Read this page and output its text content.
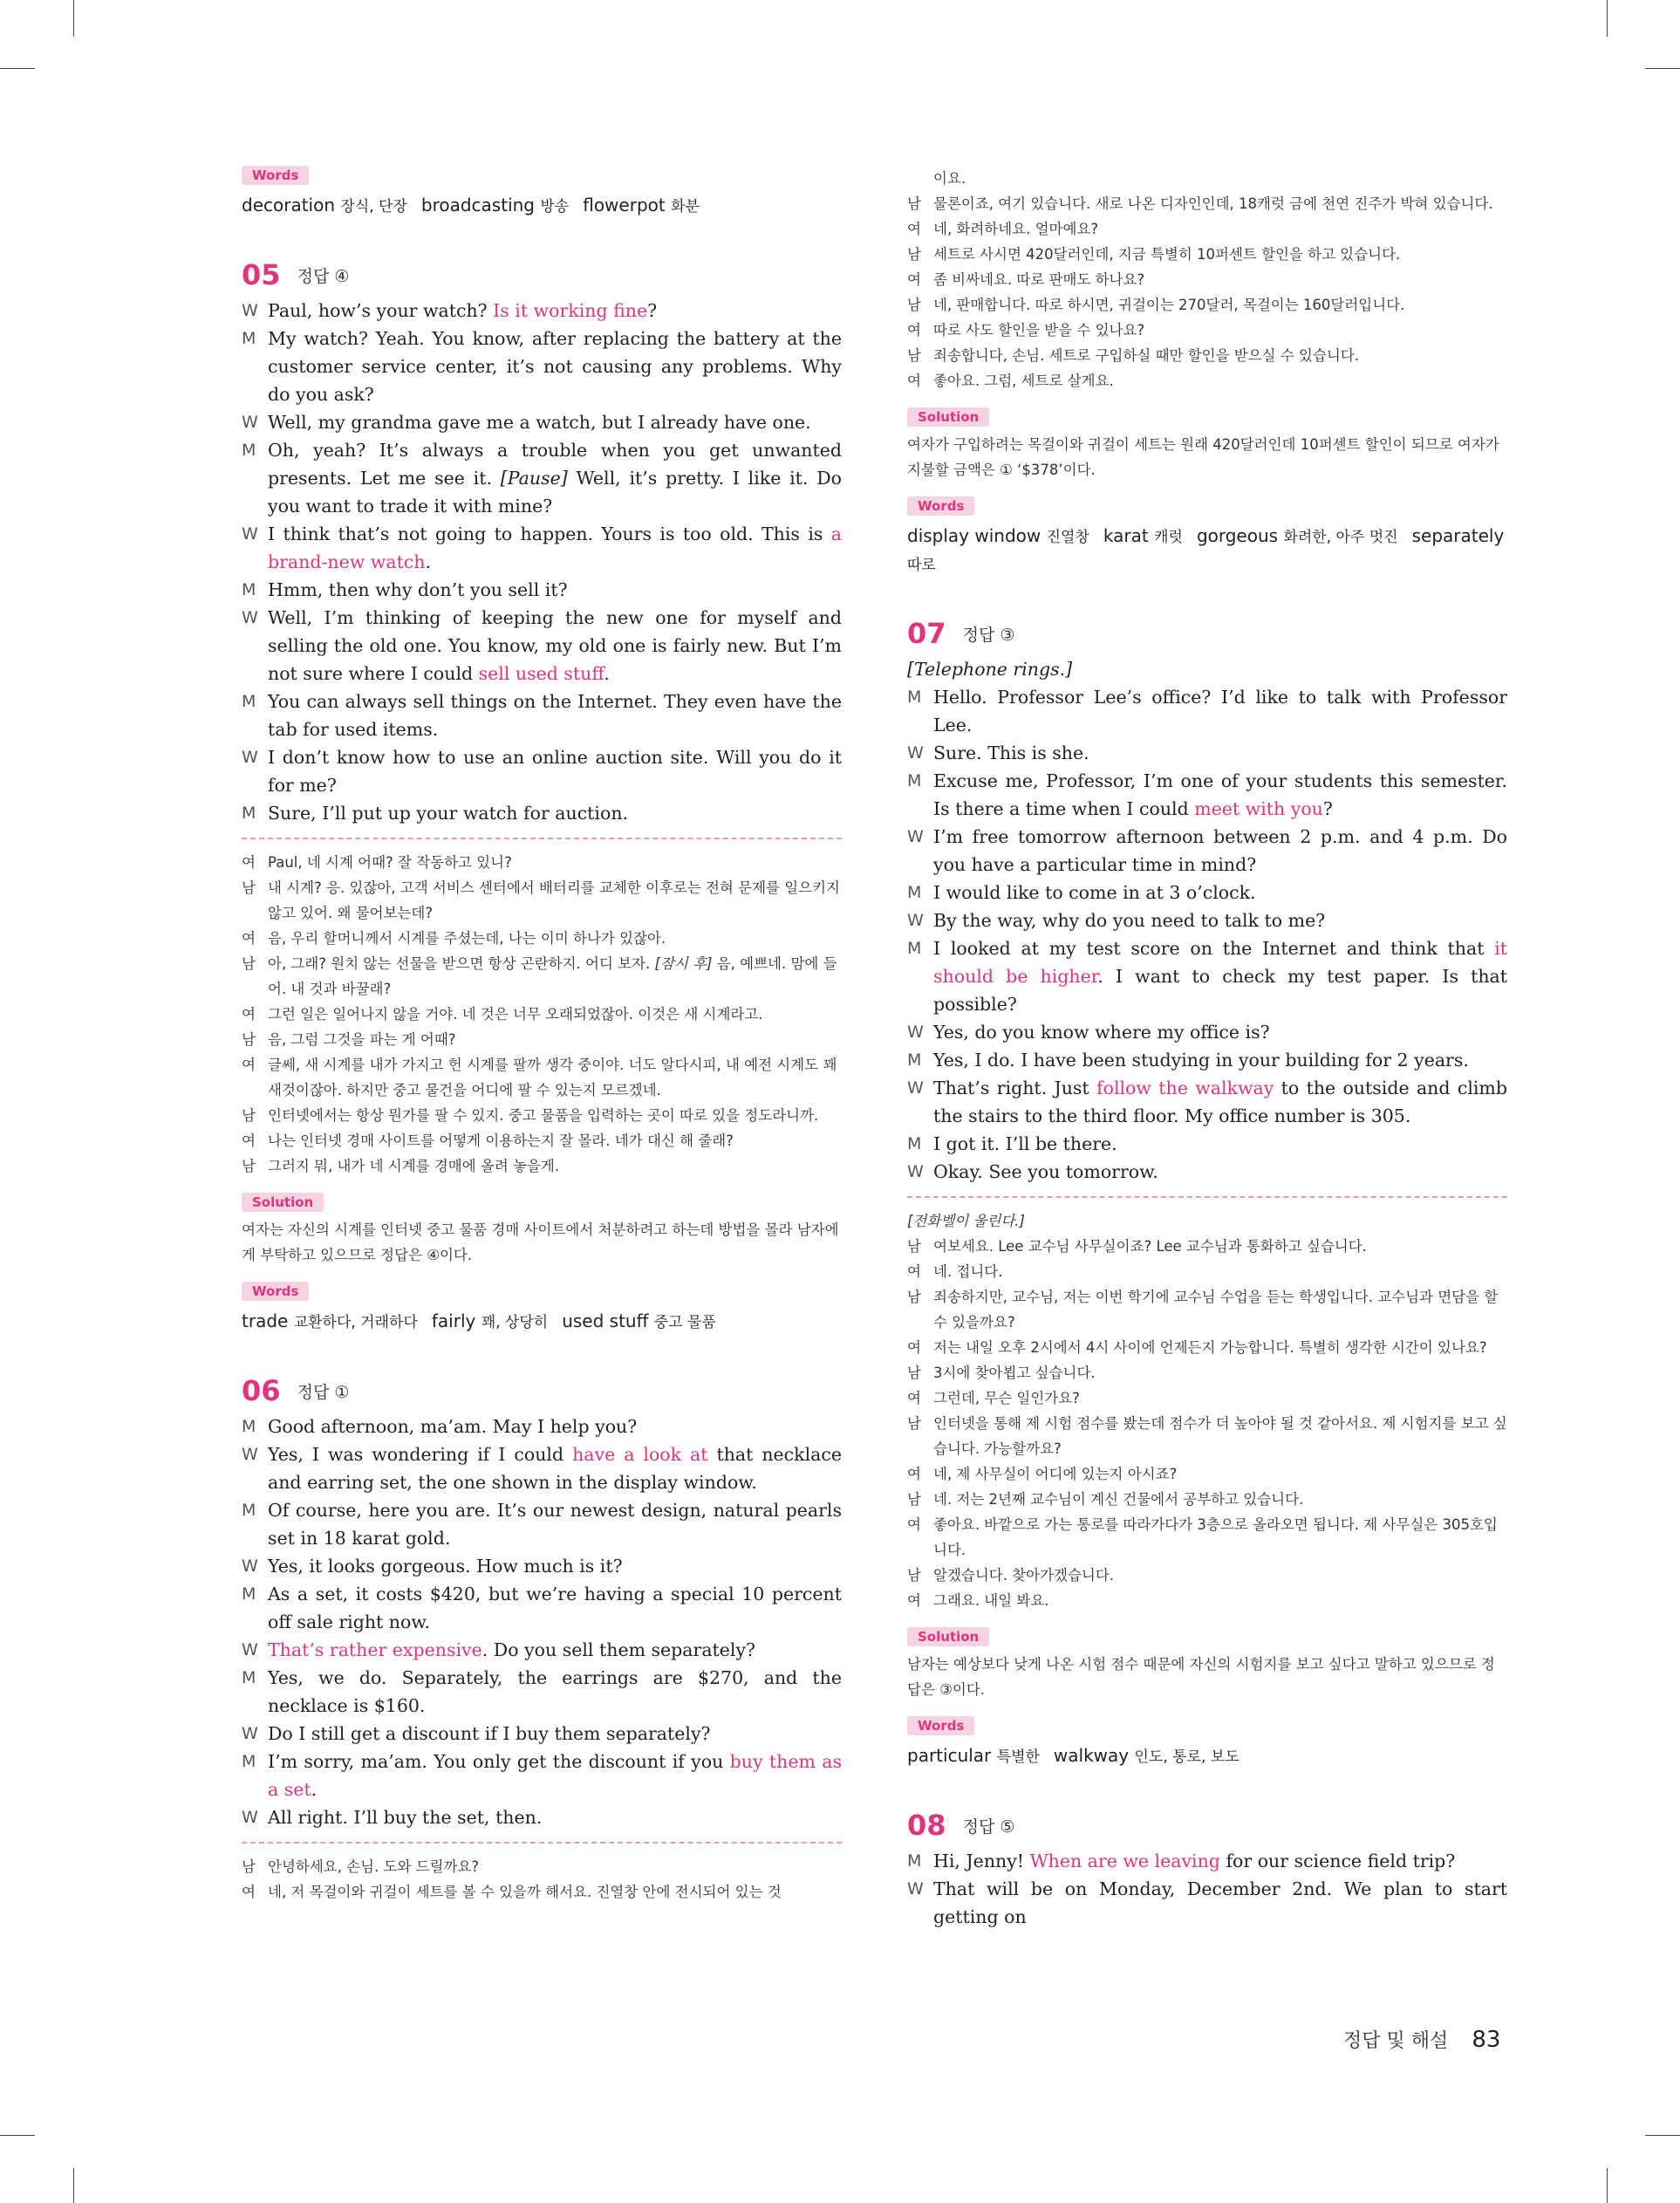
Words
decoration 장식, 단장 broadcasting 방송 flowerpot 화분
05 정답 ④
W Paul, how’s your watch? Is it working fine?
M My watch? Yeah. You know, after replacing the battery at the customer service center, it’s not causing any problems. Why do you ask?
W Well, my grandma gave me a watch, but I already have one.
M Oh, yeah? It’s always a trouble when you get unwanted presents. Let me see it. [Pause] Well, it’s pretty. I like it. Do you want to trade it with mine?
W I think that’s not going to happen. Yours is too old. This is a brand-new watch.
M Hmm, then why don’t you sell it?
W Well, I’m thinking of keeping the new one for myself and selling the old one. You know, my old one is fairly new. But I’m not sure where I could sell used stuff.
M You can always sell things on the Internet. They even have the tab for used items.
W I don’t know how to use an online auction site. Will you do it for me?
M Sure, I’ll put up your watch for auction.
여 Paul, 네 시계 어때? 잘 작동하고 있니?
남 내 시계? 응. 있잖아, 고객 서비스 센터에서 배터리를 교체한 이후로는 전혀 문제를 일으키지 않고 있어. 왜 물어보는데?
여 음, 우리 할머니께서 시계를 주셨는데, 나는 이미 하나가 있잖아.
남 아, 그래? 원치 않는 선물을 받으면 항상 곤란하지. 어디 보자. [잠시 후] 음, 예쁘네. 맘에 들어. 내 것과 바꿀래?
여 그런 일은 일어나지 않을 거야. 네 것은 너무 오래되었잖아. 이것은 새 시계라고.
남 음, 그럼 그것을 파는 게 어때?
여 글쎄, 새 시계를 내가 가지고 헌 시계를 팔까 생각 중이야. 너도 알다시피, 내 예전 시계도 꽤 새것이잖아. 하지만 중고 물건을 어디에 팔 수 있는지 모르겠네.
남 인터넷에서는 항상 뭔가를 팔 수 있지. 중고 물품을 입력하는 곳이 따로 있을 정도라니까.
여 나는 인터넷 경매 사이트를 어떻게 이용하는지 잘 몰라. 네가 대신 해 줄래?
남 그러지 뭐, 내가 네 시계를 경매에 올려 놓을게.
Solution
여자는 자신의 시계를 인터넷 중고 물품 경매 사이트에서 처분하려고 하는데 방법을 몰라 남자에게 부탁하고 있으므로 정답은 ④이다.
Words
trade 교환하다, 거래하다 fairly 꽤, 상당히 used stuff 중고 물품
06 정답 ①
M Good afternoon, ma’am. May I help you?
W Yes, I was wondering if I could have a look at that necklace and earring set, the one shown in the display window.
M Of course, here you are. It’s our newest design, natural pearls set in 18 karat gold.
W Yes, it looks gorgeous. How much is it?
M As a set, it costs $420, but we’re having a special 10 percent off sale right now.
W That’s rather expensive. Do you sell them separately?
M Yes, we do. Separately, the earrings are $270, and the necklace is $160.
W Do I still get a discount if I buy them separately?
M I’m sorry, ma’am. You only get the discount if you buy them as a set.
W All right. I’ll buy the set, then.
남 안녕하세요, 손님. 도와 드릴까요?
여 네, 저 목걸이와 귀걸이 세트를 볼 수 있을까 해서요. 진열창 안에 전시되어 있는 것
이요.
남 물론이죠, 여기 있습니다. 새로 나온 디자인인데, 18캐럿 금에 천연 진주가 박혀 있습니다.
여 네, 화려하네요. 얼마예요?
남 세트로 사시면 420달러인데, 지금 특별히 10퍼센트 할인을 하고 있습니다.
여 좀 비싸네요. 따로 판매도 하나요?
남 네, 판매합니다. 따로 하시면, 귀걸이는 270달러, 목걸이는 160달러입니다.
여 따로 사도 할인을 받을 수 있나요?
남 죄송합니다, 손님. 세트로 구입하실 때만 할인을 받으실 수 있습니다.
여 좋아요. 그럼, 세트로 살게요.
Solution
여자가 구입하려는 목걸이와 귀걸이 세트는 원래 420달러인데 10퍼센트 할인이 되므로 여자가 지불할 금액은 ① ‘$378’이다.
Words
display window 진열창 karat 캐럿 gorgeous 화려한, 아주 멋진 separately 따로
07 정답 ③
[Telephone rings.]
M Hello. Professor Lee’s office? I’d like to talk with Professor Lee.
W Sure. This is she.
M Excuse me, Professor, I’m one of your students this semester. Is there a time when I could meet with you?
W I’m free tomorrow afternoon between 2 p.m. and 4 p.m. Do you have a particular time in mind?
M I would like to come in at 3 o’clock.
W By the way, why do you need to talk to me?
M I looked at my test score on the Internet and think that it should be higher. I want to check my test paper. Is that possible?
W Yes, do you know where my office is?
M Yes, I do. I have been studying in your building for 2 years.
W That’s right. Just follow the walkway to the outside and climb the stairs to the third floor. My office number is 305.
M I got it. I’ll be there.
W Okay. See you tomorrow.
[전화벨이 울린다.]
남 여보세요. Lee 교수님 사무실이죠? Lee 교수님과 통화하고 싶습니다.
여 네. 접니다.
남 죄송하지만, 교수님, 저는 이번 학기에 교수님 수업을 듣는 학생입니다. 교수님과 면담을 할 수 있을까요?
여 저는 내일 오후 2시에서 4시 사이에 언제든지 가능합니다. 특별히 생각한 시간이 있나요?
남 3시에 찾아뵙고 싶습니다.
여 그런데, 무슨 일인가요?
남 인터넷을 통해 제 시험 점수를 봤는데 점수가 더 높아야 될 것 같아서요. 제 시험지를 보고 싶습니다. 가능할까요?
여 네, 제 사무실이 어디에 있는지 아시죠?
남 네. 저는 2년째 교수님이 계신 건물에서 공부하고 있습니다.
여 좋아요. 바깥으로 가는 통로를 따라가다가 3층으로 올라오면 됩니다. 제 사무실은 305호입니다.
남 알겠습니다. 찾아가겠습니다.
여 그래요. 내일 봐요.
Solution
남자는 예상보다 낮게 나온 시험 점수 때문에 자신의 시험지를 보고 싶다고 말하고 있으므로 정답은 ③이다.
Words
particular 특별한 walkway 인도, 통로, 보도
08 정답 ⑤
M Hi, Jenny! When are we leaving for our science field trip?
W That will be on Monday, December 2nd. We plan to start getting on
정답 및 해설 83
